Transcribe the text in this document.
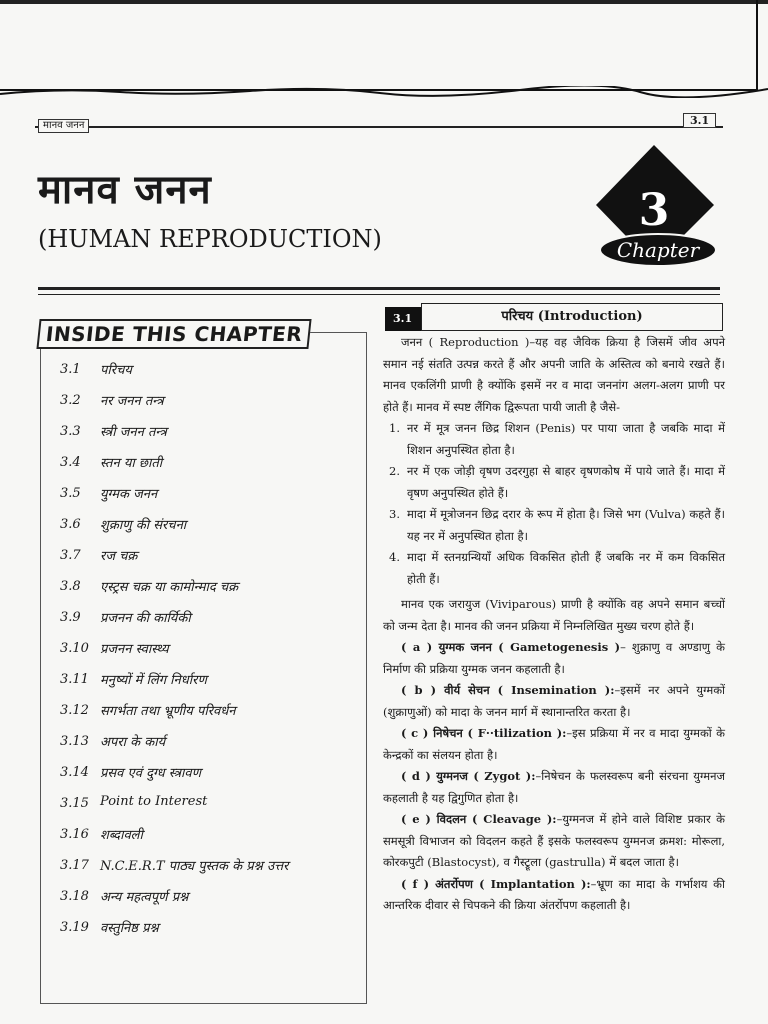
मानव जनन	3.1
मानव जनन
(HUMAN REPRODUCTION)
3
Chapter
INSIDE THIS CHAPTER
3.1	परिचय
3.2	नर जनन तन्त्र
3.3	स्त्री जनन तन्त्र
3.4	स्तन या छाती
3.5	युग्मक जनन
3.6	शुक्राणु की संरचना
3.7	रज चक्र
3.8	एस्ट्रस चक्र या कामोन्माद चक्र
3.9	प्रजनन की कार्यिकी
3.10 प्रजनन स्वास्थ्य
3.11 मनुष्यों में लिंग निर्धारण
3.12 सगर्भता तथा भ्रूणीय परिवर्धन
3.13 अपरा के कार्य
3.14 प्रसव एवं दुग्ध स्त्रावण
3.15 Point to Interest
3.16 शब्दावली
3.17 N.C.E.R.T पाठ्य पुस्तक के प्रश्न उत्तर
3.18 अन्य महत्वपूर्ण प्रश्न
3.19 वस्तुनिष्ठ प्रश्न
3.1	परिचय (Introduction)

जनन ( Reproduction )–यह वह जैविक क्रिया है जिसमें जीव अपने समान नई संतति उत्पन्न करते हैं और अपनी जाति के अस्तित्व को बनाये रखते हैं। मानव एकलिंगी प्राणी है क्योंकि इसमें नर व मादा जननांग अलग-अलग प्राणी पर होते हैं। मानव में स्पष्ट लैंगिक द्विरूपता पायी जाती है जैसे-

1. नर में मूत्र जनन छिद्र शिशन (Penis) पर पाया जाता है जबकि मादा में शिशन अनुपस्थित होता है।

2. नर में एक जोड़ी वृषण उदरगुहा से बाहर वृषणकोष में पाये जाते हैं। मादा में वृषण अनुपस्थित होते हैं।

3. मादा में मूत्रोजनन छिद्र दरार के रूप में होता है। जिसे भग (Vulva) कहते हैं। यह नर में अनुपस्थित होता है।

4. मादा में स्तनग्रन्थियाँ अधिक विकसित होती हैं जबकि नर में कम विकसित होती हैं।

मानव एक जरायुज (Viviparous) प्राणी है क्योंकि वह अपने समान बच्चों को जन्म देता है। मानव की जनन प्रक्रिया में निम्नलिखित मुख्य चरण होते हैं।

( a ) युग्मक जनन ( Gametogenesis )– शुक्राणु व अण्डाणु के निर्माण की प्रक्रिया युग्मक जनन कहलाती है।

( b ) वीर्य सेचन ( Insemination ):–इसमें नर अपने युग्मकों (शुक्राणुओं) को मादा के जनन मार्ग में स्थानान्तरित करता है।

( c ) निषेचन ( F··tilization ):–इस प्रक्रिया में नर व मादा युग्मकों के केन्द्रकों का संलयन होता है।

( d ) युग्मनज ( Zygot ):–निषेचन के फलस्वरूप बनी संरचना युग्मनज कहलाती है यह द्विगुणित होता है।

( e ) विदलन ( Cleavage ):–युग्मनज में होने वाले विशिष्ट प्रकार के समसूत्री विभाजन को विदलन कहते हैं इसके फलस्वरूप युग्मनज क्रमश: मोरूला, कोरकपुटी (Blastocyst), व गैस्ट्रूला (gastrulla) में बदल जाता है।

( f ) अंतर्रोपण ( Implantation ):–भ्रूण का मादा के गर्भाशय की आन्तरिक दीवार से चिपकने की क्रिया अंतर्रोपण कहलाती है।
